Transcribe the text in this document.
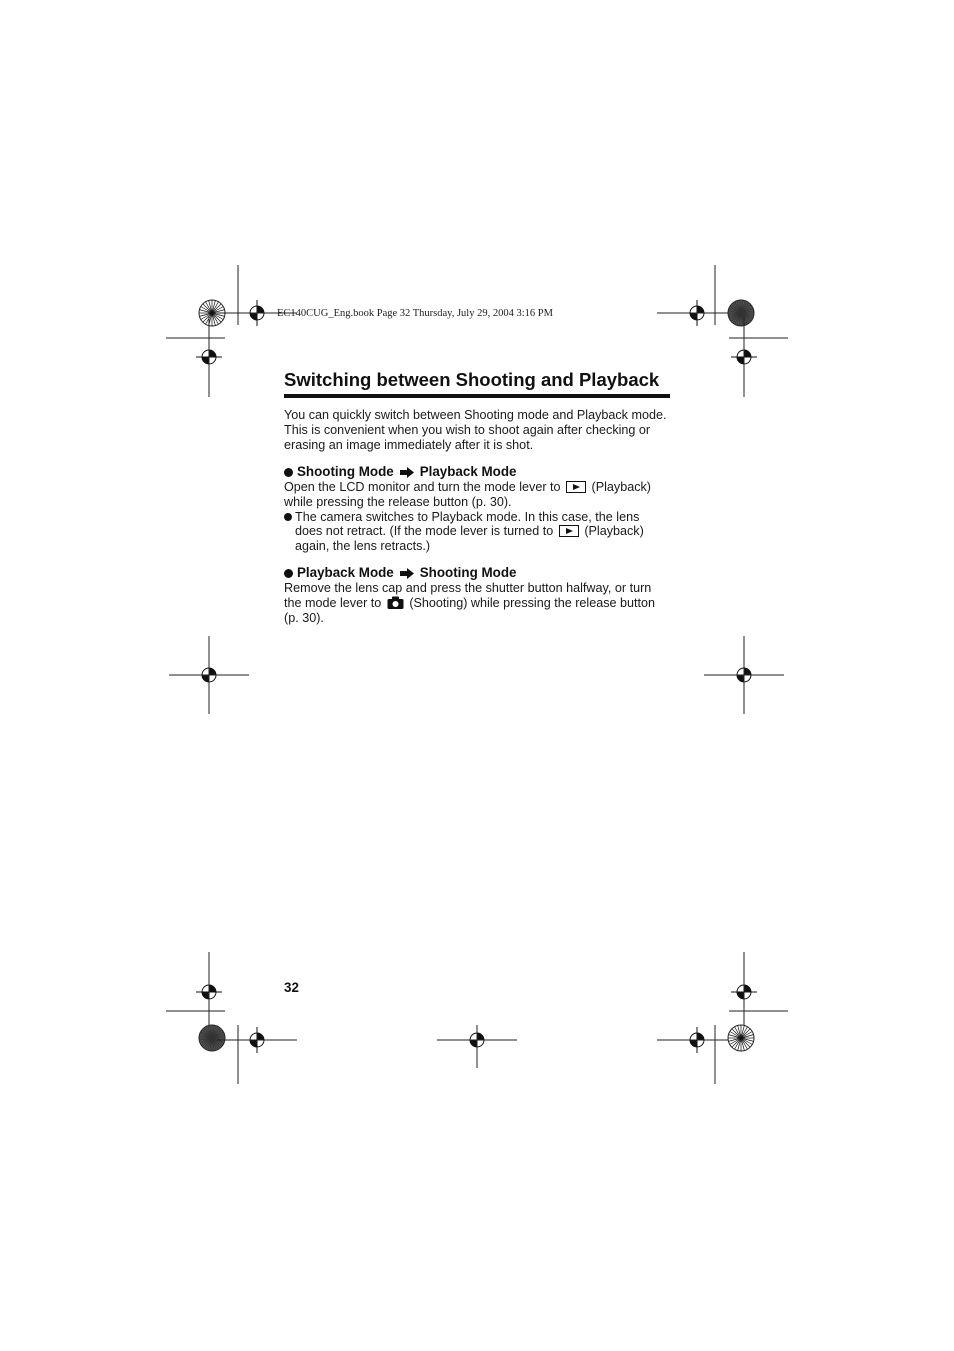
EC140CUG_Eng.book Page 32 Thursday, July 29, 2004 3:16 PM
Switching between Shooting and Playback

You can quickly switch between Shooting mode and Playback mode. This is convenient when you wish to shoot again after checking or erasing an image immediately after it is shot.

Shooting Mode Playback Mode

Open the LCD monitor and turn the mode lever to (Playback) while pressing the release button (p. 30).

The camera switches to Playback mode. In this case, the lens does not retract. (If the mode lever is turned to (Playback) again, the lens retracts.)

Playback Mode Shooting Mode

Remove the lens cap and press the shutter button halfway, or turn the mode lever to (Shooting) while pressing the release button (p. 30).

32
